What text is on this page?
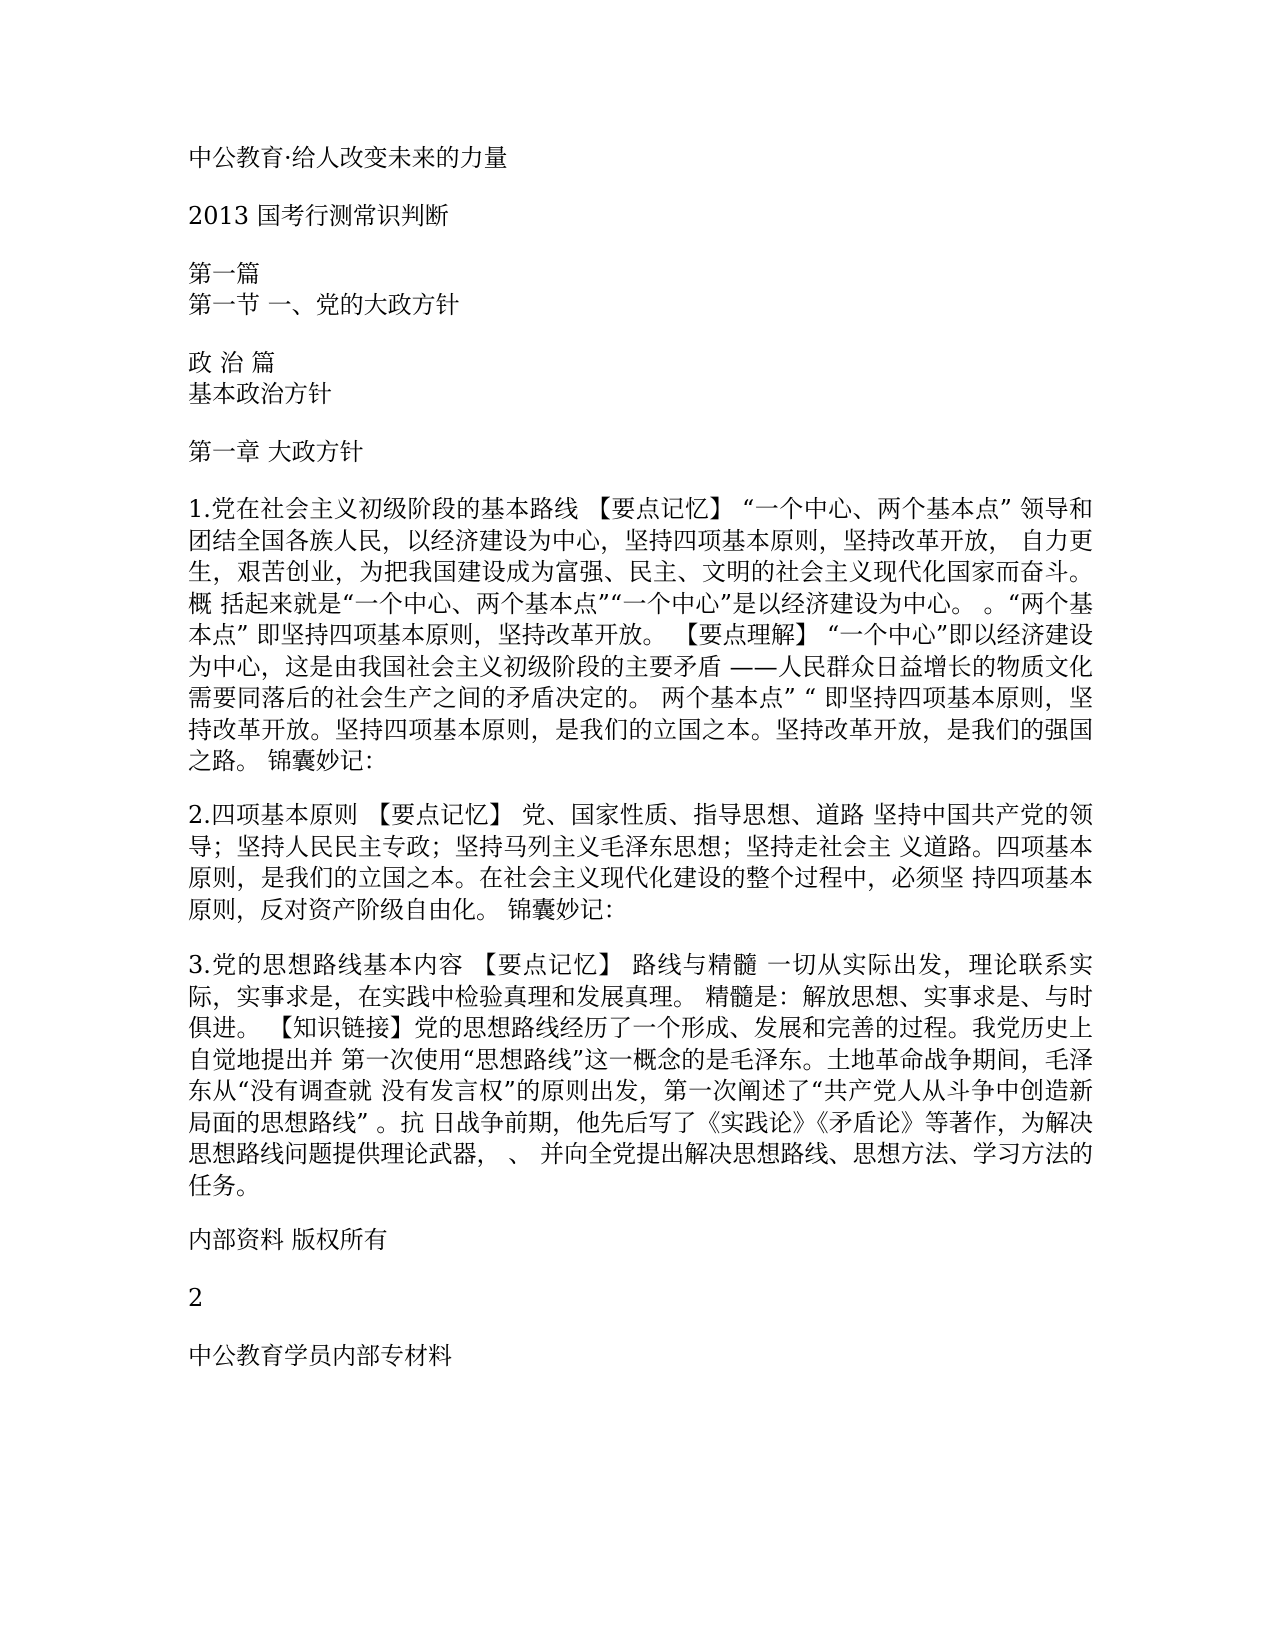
中公教育·给人改变未来的力量
2013 国考行测常识判断
第一篇
第一节 一、党的大政方针
政 治 篇
基本政治方针
第一章 大政方针

1.党在社会主义初级阶段的基本路线 【要点记忆】 “一个中心、两个基本点” 领导和团结全国各族人民，以经济建设为中心，坚持四项基本原则，坚持改革开放， 自力更生，艰苦创业，为把我国建设成为富强、民主、文明的社会主义现代化国家而奋斗。 概 括起来就是“一个中心、两个基本点”“一个中心”是以经济建设为中心。 。“两个基本点” 即坚持四项基本原则，坚持改革开放。 【要点理解】 “一个中心”即以经济建设为中心，这是由我国社会主义初级阶段的主要矛盾 ——人民群众日益增长的物质文化需要同落后的社会生产之间的矛盾决定的。 两个基本点” “ 即坚持四项基本原则，坚持改革开放。坚持四项基本原则，是我们的立国之本。坚持改革开放，是我们的强国之路。 锦囊妙记：

2.四项基本原则 【要点记忆】 党、国家性质、指导思想、道路 坚持中国共产党的领导；坚持人民民主专政；坚持马列主义毛泽东思想；坚持走社会主 义道路。四项基本原则，是我们的立国之本。在社会主义现代化建设的整个过程中，必须坚 持四项基本原则，反对资产阶级自由化。 锦囊妙记：

3.党的思想路线基本内容 【要点记忆】 路线与精髓 一切从实际出发，理论联系实际，实事求是，在实践中检验真理和发展真理。 精髓是：解放思想、实事求是、与时俱进。 【知识链接】党的思想路线经历了一个形成、发展和完善的过程。我党历史上自觉地提出并 第一次使用“思想路线”这一概念的是毛泽东。土地革命战争期间，毛泽东从“没有调查就 没有发言权”的原则出发，第一次阐述了“共产党人从斗争中创造新局面的思想路线” 。抗 日战争前期，他先后写了《实践论》《矛盾论》等著作，为解决思想路线问题提供理论武器， 、 并向全党提出解决思想路线、思想方法、学习方法的任务。

内部资料 版权所有
2
中公教育学员内部专材料
